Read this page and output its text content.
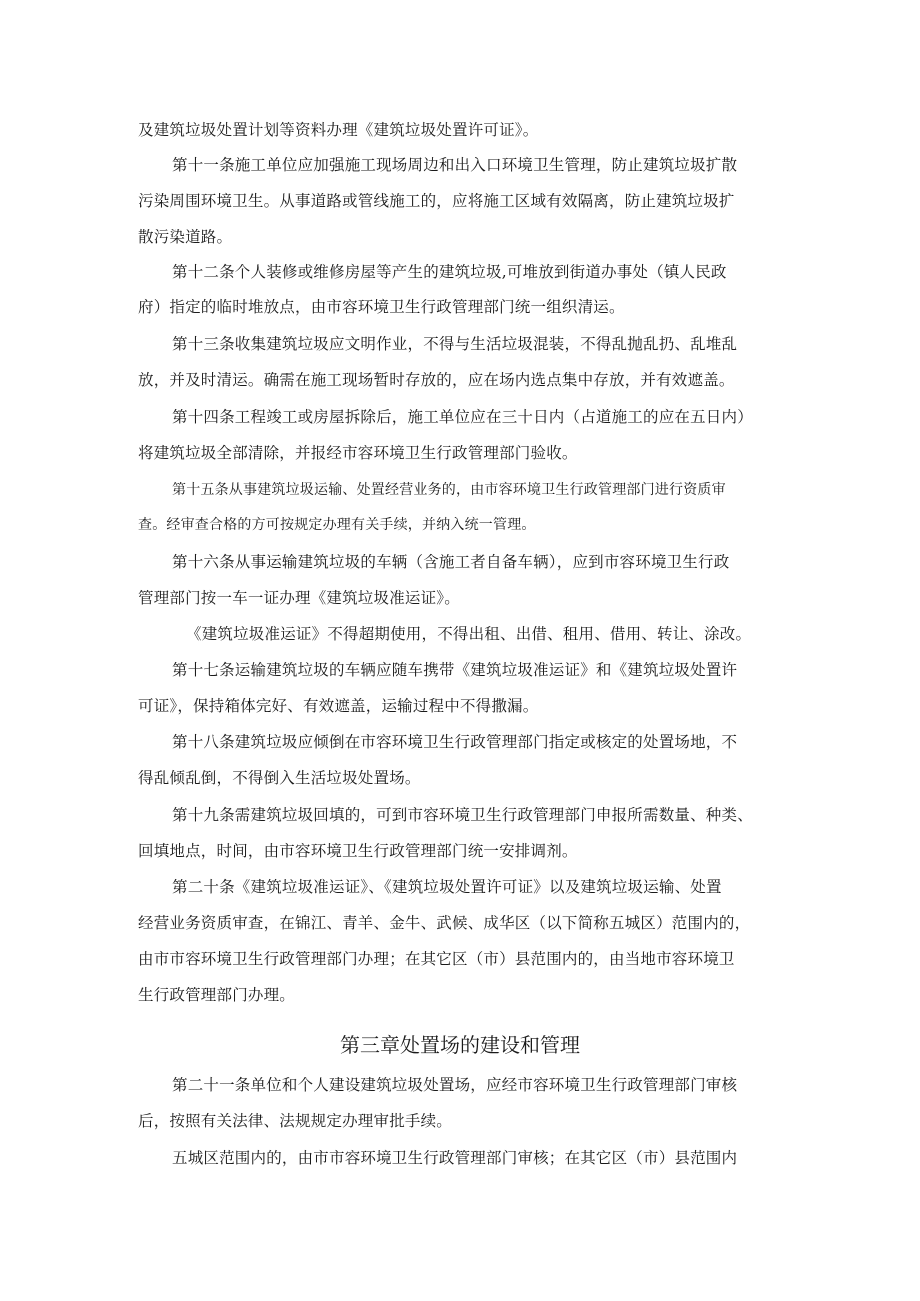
及建筑垃圾处置计划等资料办理《建筑垃圾处置许可证》。
第十一条施工单位应加强施工现场周边和出入口环境卫生管理，防止建筑垃圾扩散
污染周围环境卫生。从事道路或管线施工的，应将施工区域有效隔离，防止建筑垃圾扩
散污染道路。
第十二条个人装修或维修房屋等产生的建筑垃圾,可堆放到街道办事处（镇人民政
府）指定的临时堆放点，由市容环境卫生行政管理部门统一组织清运。
第十三条收集建筑垃圾应文明作业，不得与生活垃圾混装，不得乱抛乱扔、乱堆乱
放，并及时清运。确需在施工现场暂时存放的，应在场内选点集中存放，并有效遮盖。
第十四条工程竣工或房屋拆除后，施工单位应在三十日内（占道施工的应在五日内）
将建筑垃圾全部清除，并报经市容环境卫生行政管理部门验收。
第十五条从事建筑垃圾运输、处置经营业务的，由市容环境卫生行政管理部门进行资质审
查。经审查合格的方可按规定办理有关手续，并纳入统一管理。
第十六条从事运输建筑垃圾的车辆（含施工者自备车辆），应到市容环境卫生行政
管理部门按一车一证办理《建筑垃圾准运证》。
《建筑垃圾准运证》不得超期使用，不得出租、出借、租用、借用、转让、涂改。
第十七条运输建筑垃圾的车辆应随车携带《建筑垃圾准运证》和《建筑垃圾处置许
可证》，保持箱体完好、有效遮盖，运输过程中不得撒漏。
第十八条建筑垃圾应倾倒在市容环境卫生行政管理部门指定或核定的处置场地，不
得乱倾乱倒，不得倒入生活垃圾处置场。
第十九条需建筑垃圾回填的，可到市容环境卫生行政管理部门申报所需数量、种类、
回填地点，时间，由市容环境卫生行政管理部门统一安排调剂。
第二十条《建筑垃圾准运证》、《建筑垃圾处置许可证》以及建筑垃圾运输、处置
经营业务资质审查，在锦江、青羊、金牛、武候、成华区（以下简称五城区）范围内的，
由市市容环境卫生行政管理部门办理；在其它区（市）县范围内的，由当地市容环境卫
生行政管理部门办理。
第三章处置场的建设和管理
第二十一条单位和个人建设建筑垃圾处置场，应经市容环境卫生行政管理部门审核
后，按照有关法律、法规规定办理审批手续。
五城区范围内的，由市市容环境卫生行政管理部门审核；在其它区（市）县范围内
